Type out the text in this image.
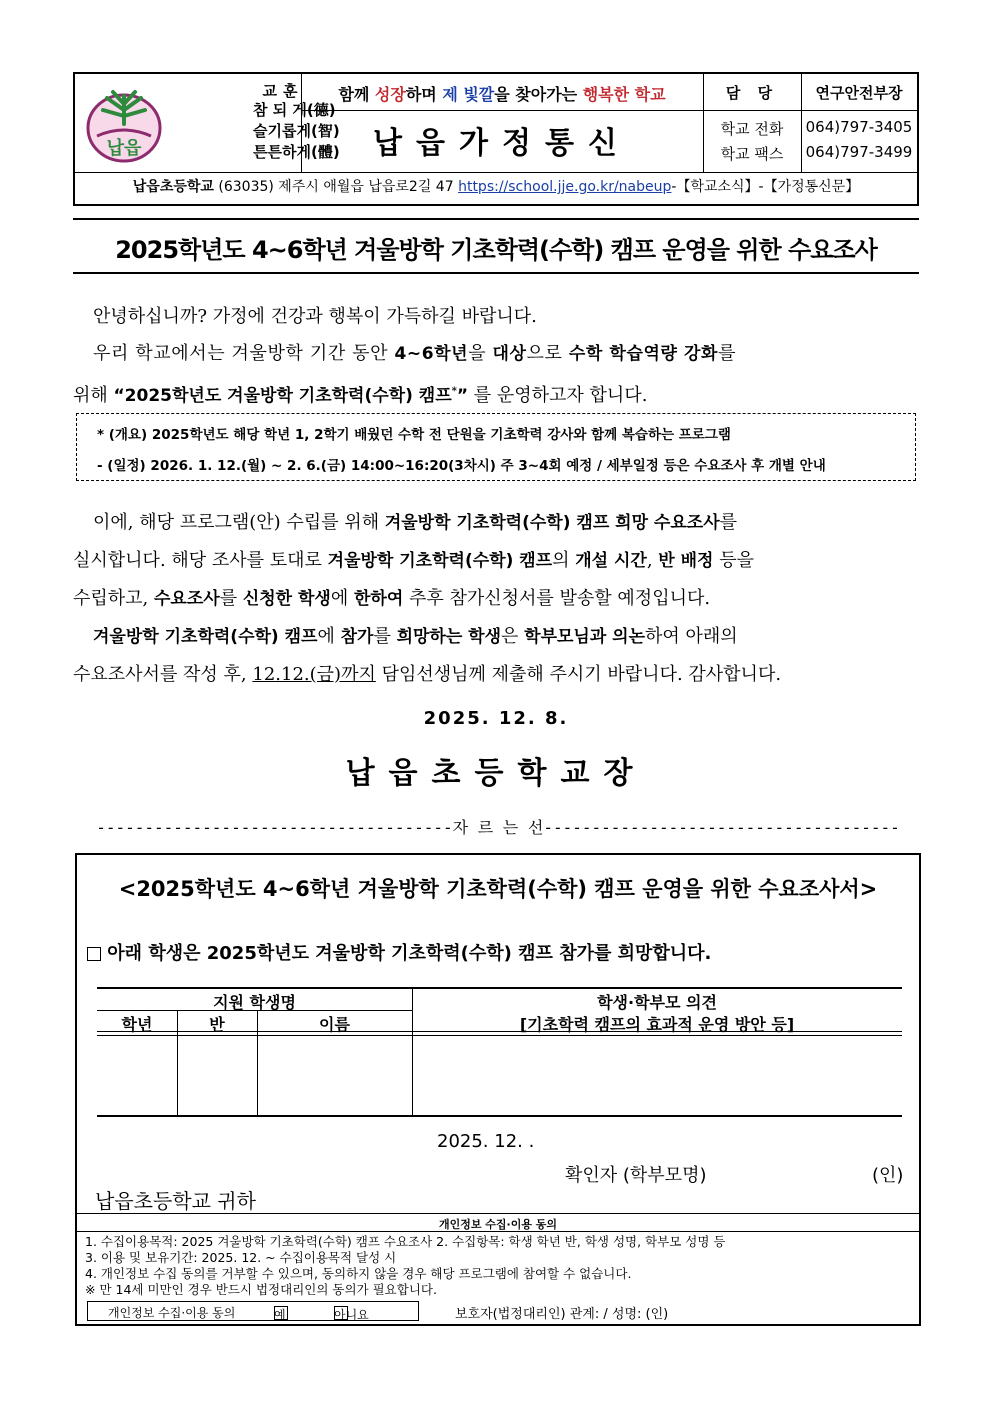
납읍
교훈
참 되 게(德)
슬기롭게(智)
튼튼하게(體)
함께 성장하며 제 빛깔을 찾아가는 행복한 학교
납읍가정통신
담 당	연구안전부장
학교 전화	064)797-3405
학교 팩스	064)797-3499
납읍초등학교 (63035) 제주시 애월읍 납읍로2길 47 https://school.jje.go.kr/nabeup-【학교소식】-【가정통신문】
2025학년도 4~6학년 겨울방학 기초학력(수학) 캠프 운영을 위한 수요조사
안녕하십니까? 가정에 건강과 행복이 가득하길 바랍니다.
우리 학교에서는 겨울방학 기간 동안 4~6학년을 대상으로 수학 학습역량 강화를
위해 “2025학년도 겨울방학 기초학력(수학) 캠프*” 를 운영하고자 합니다.
* (개요) 2025학년도 해당 학년 1, 2학기 배웠던 수학 전 단원을 기초학력 강사와 함께 복습하는 프로그램
- (일정) 2026. 1. 12.(월) ~ 2. 6.(금) 14:00~16:20(3차시) 주 3~4회 예정 / 세부일정 등은 수요조사 후 개별 안내
이에, 해당 프로그램(안) 수립를 위해 겨울방학 기초학력(수학) 캠프 희망 수요조사를
실시합니다. 해당 조사를 토대로 겨울방학 기초학력(수학) 캠프의 개설 시간, 반 배정 등을
수립하고, 수요조사를 신청한 학생에 한하여 추후 참가신청서를 발송할 예정입니다.
겨울방학 기초학력(수학) 캠프에 참가를 희망하는 학생은 학부모님과 의논하여 아래의
수요조사서를 작성 후, 12.12.(금)까지 담임선생님께 제출해 주시기 바랍니다. 감사합니다.
2025. 12. 8.
납읍초등학교장
-------------------------------------자 르 는 선-------------------------------------
<2025학년도 4~6학년 겨울방학 기초학력(수학) 캠프 운영을 위한 수요조사서>
아래 학생은 2025학년도 겨울방학 기초학력(수학) 캠프 참가를 희망합니다.
지원 학생명
학년	반	이름
학생·학부모 의견
[기초학력 캠프의 효과적 운영 방안 등]
2025. 12. .
확인자 (학부모명)	(인)
납읍초등학교 귀하
개인정보 수집·이용 동의
1. 수집이용목적: 2025 겨울방학 기초학력(수학) 캠프 수요조사 2. 수집항목: 학생 학년 반, 학생 성명, 학부모 성명 등
3. 이용 및 보유기간: 2025. 12. ~ 수집이용목적 달성 시
4. 개인정보 수집 동의를 거부할 수 있으며, 동의하지 않을 경우 해당 프로그램에 참여할 수 없습니다.
※ 만 14세 미만인 경우 반드시 법정대리인의 동의가 필요합니다.
개인정보 수집·이용 동의	예	아니요	보호자(법정대리인) 관계: / 성명: (인)
